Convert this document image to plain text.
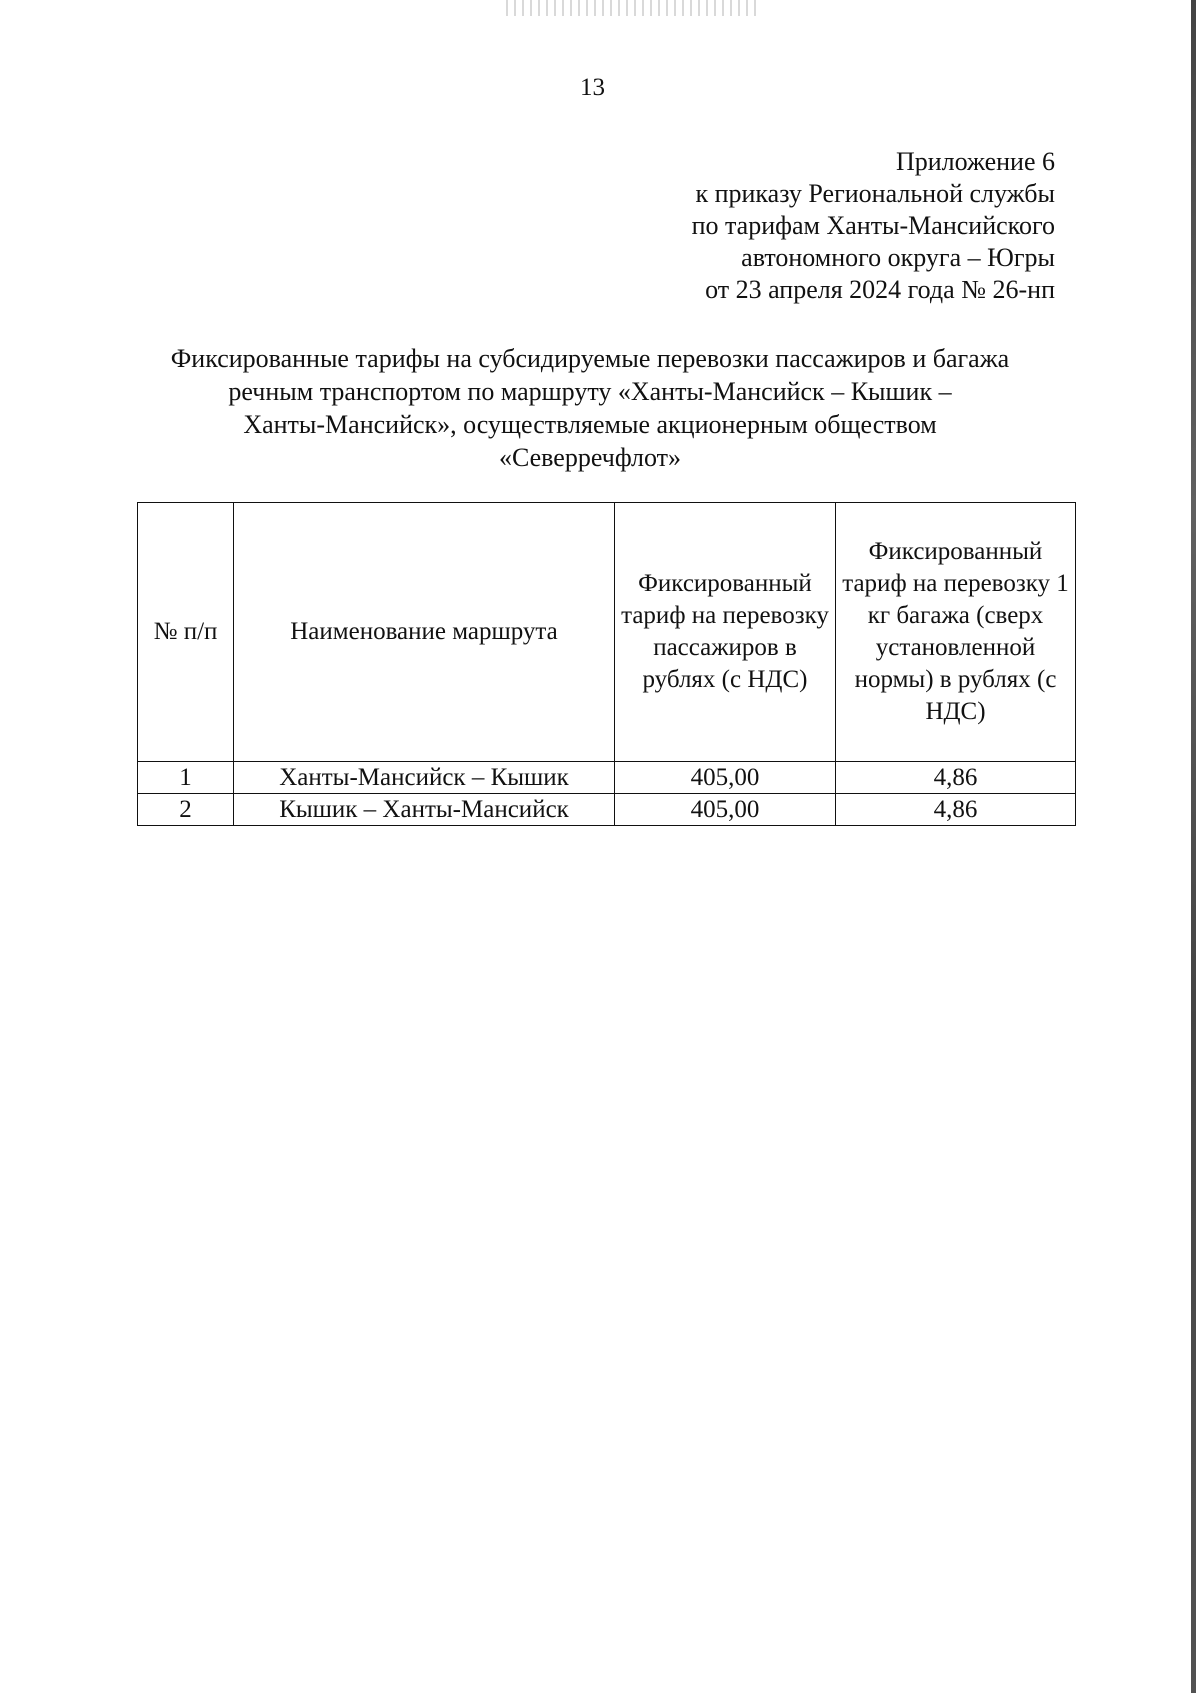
13
Приложение 6
к приказу Региональной службы
по тарифам Ханты-Мансийского
автономного округа – Югры
от 23 апреля 2024 года № 26-нп
Фиксированные тарифы на субсидируемые перевозки пассажиров и багажа
речным транспортом по маршруту «Ханты-Мансийск – Кышик –
Ханты-Мансийск», осуществляемые акционерным обществом
«Северречфлот»
№ п/п	Наименование маршрута	Фиксированный тариф на перевозку пассажиров в рублях (с НДС)	Фиксированный тариф на перевозку 1 кг багажа (сверх установленной нормы) в рублях (с НДС)
1	Ханты-Мансийск – Кышик	405,00	4,86
2	Кышик – Ханты-Мансийск	405,00	4,86
